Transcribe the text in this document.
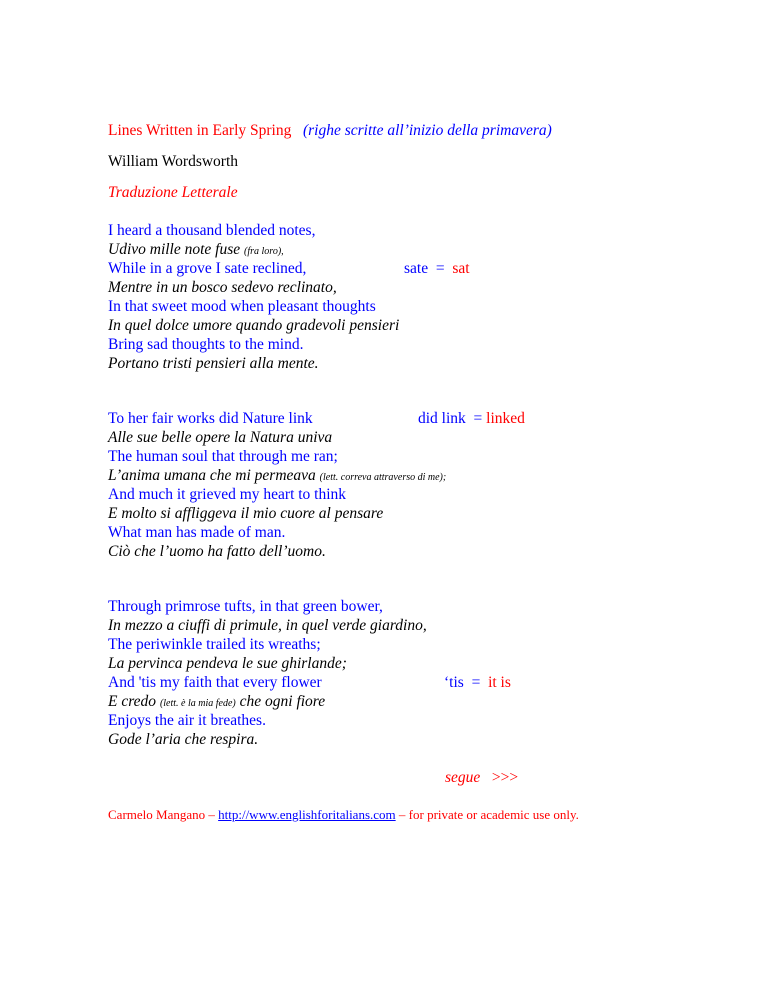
Lines Written in Early Spring (righe scritte all’inizio della primavera)
William Wordsworth
Traduzione Letterale
I heard a thousand blended notes,
Udivo mille note fuse (fra loro),
While in a grove I sate reclined,	sate = sat
Mentre in un bosco sedevo reclinato,
In that sweet mood when pleasant thoughts
In quel dolce umore quando gradevoli pensieri
Bring sad thoughts to the mind.
Portano tristi pensieri alla mente.
To her fair works did Nature link	did link = linked
Alle sue belle opere la Natura univa
The human soul that through me ran;
L’anima umana che mi permeava (lett. correva attraverso di me);
And much it grieved my heart to think
E molto si affliggeva il mio cuore al pensare
What man has made of man.
Ciò che l’uomo ha fatto dell’uomo.
Through primrose tufts, in that green bower,
In mezzo a ciuffi di primule, in quel verde giardino,
The periwinkle trailed its wreaths;
La pervinca pendeva le sue ghirlande;
And 'tis my faith that every flower	‘tis = it is
E credo (lett. è la mia fede) che ogni fiore
Enjoys the air it breathes.
Gode l’aria che respira.
segue >>>
Carmelo Mangano – http://www.englishforitalians.com – for private or academic use only.
